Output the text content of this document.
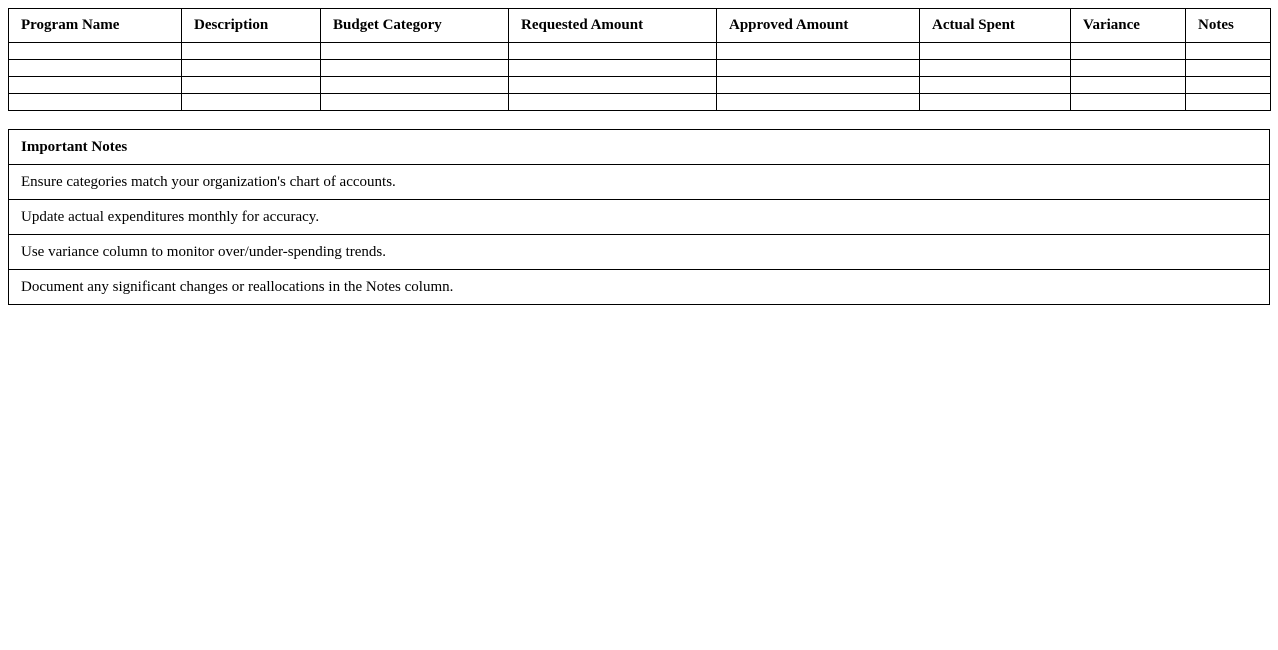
Program Name	Description	Budget Category	Requested Amount	Approved Amount	Actual Spent	Variance	Notes

Important Notes
Ensure categories match your organization's chart of accounts.
Update actual expenditures monthly for accuracy.
Use variance column to monitor over/under-spending trends.
Document any significant changes or reallocations in the Notes column.
